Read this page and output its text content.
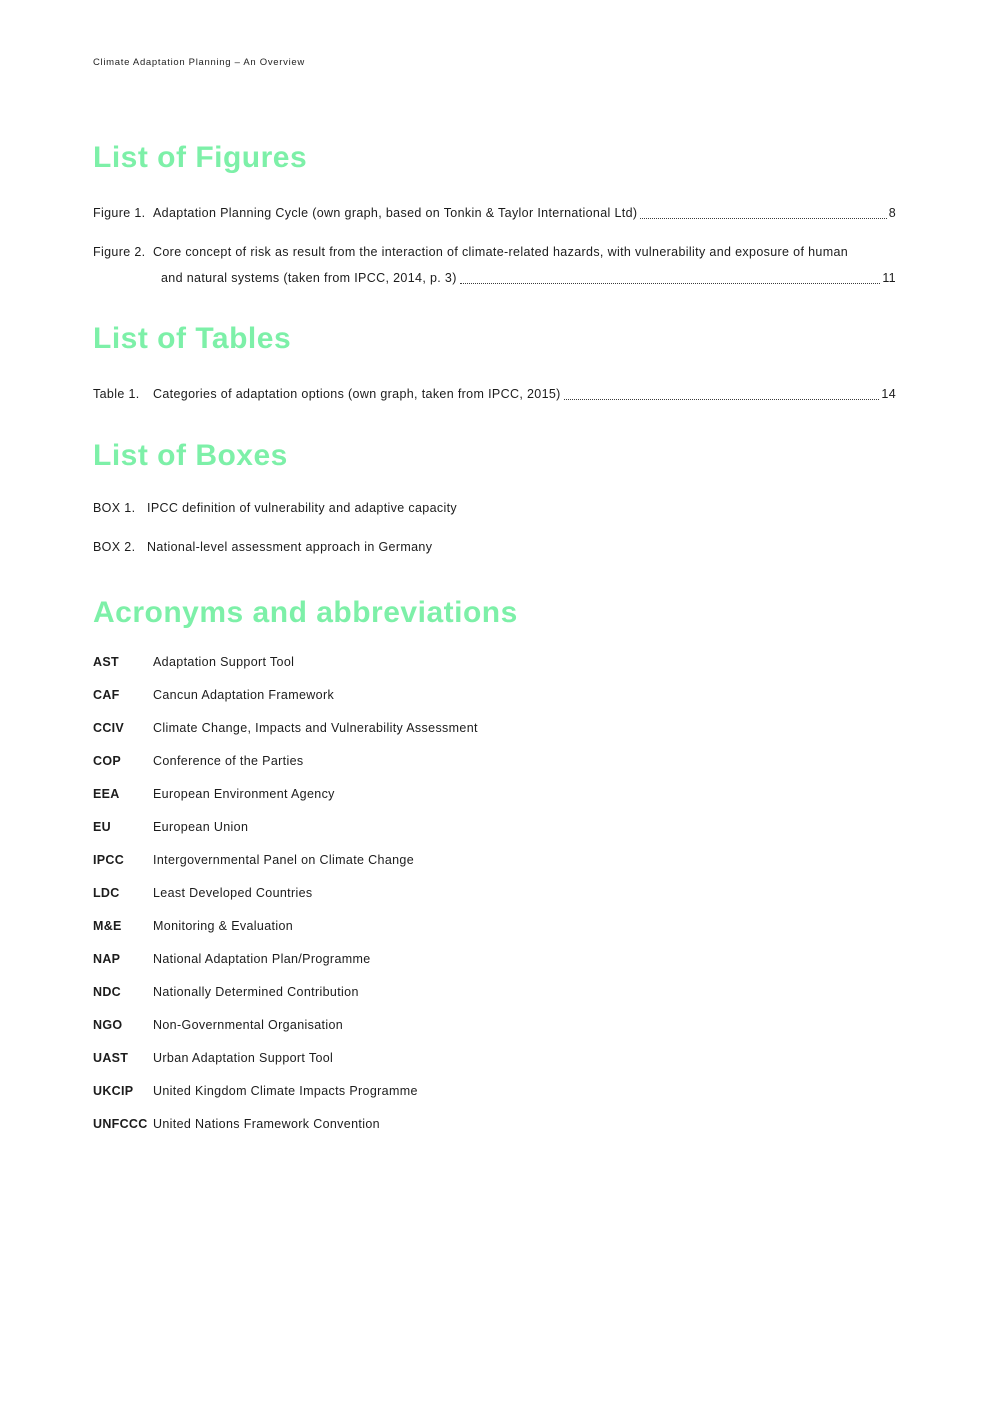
Climate Adaptation Planning – An Overview
List of Figures
Figure 1. Adaptation Planning Cycle (own graph, based on Tonkin & Taylor International Ltd)	8
Figure 2. Core concept of risk as result from the interaction of climate-related hazards, with vulnerability and exposure of human
and natural systems (taken from IPCC, 2014, p. 3)	11
List of Tables
Table 1.	Categories of adaptation options (own graph, taken from IPCC, 2015)	14
List of Boxes
BOX 1. IPCC definition of vulnerability and adaptive capacity
BOX 2. National-level assessment approach in Germany
Acronyms and abbreviations
AST	Adaptation Support Tool
CAF	Cancun Adaptation Framework
CCIV	Climate Change, Impacts and Vulnerability Assessment
COP	Conference of the Parties
EEA	European Environment Agency
EU	European Union
IPCC	Intergovernmental Panel on Climate Change
LDC	Least Developed Countries
M&E	Monitoring & Evaluation
NAP	National Adaptation Plan/Programme
NDC	Nationally Determined Contribution
NGO	Non-Governmental Organisation
UAST	Urban Adaptation Support Tool
UKCIP	United Kingdom Climate Impacts Programme
UNFCCC United Nations Framework Convention
